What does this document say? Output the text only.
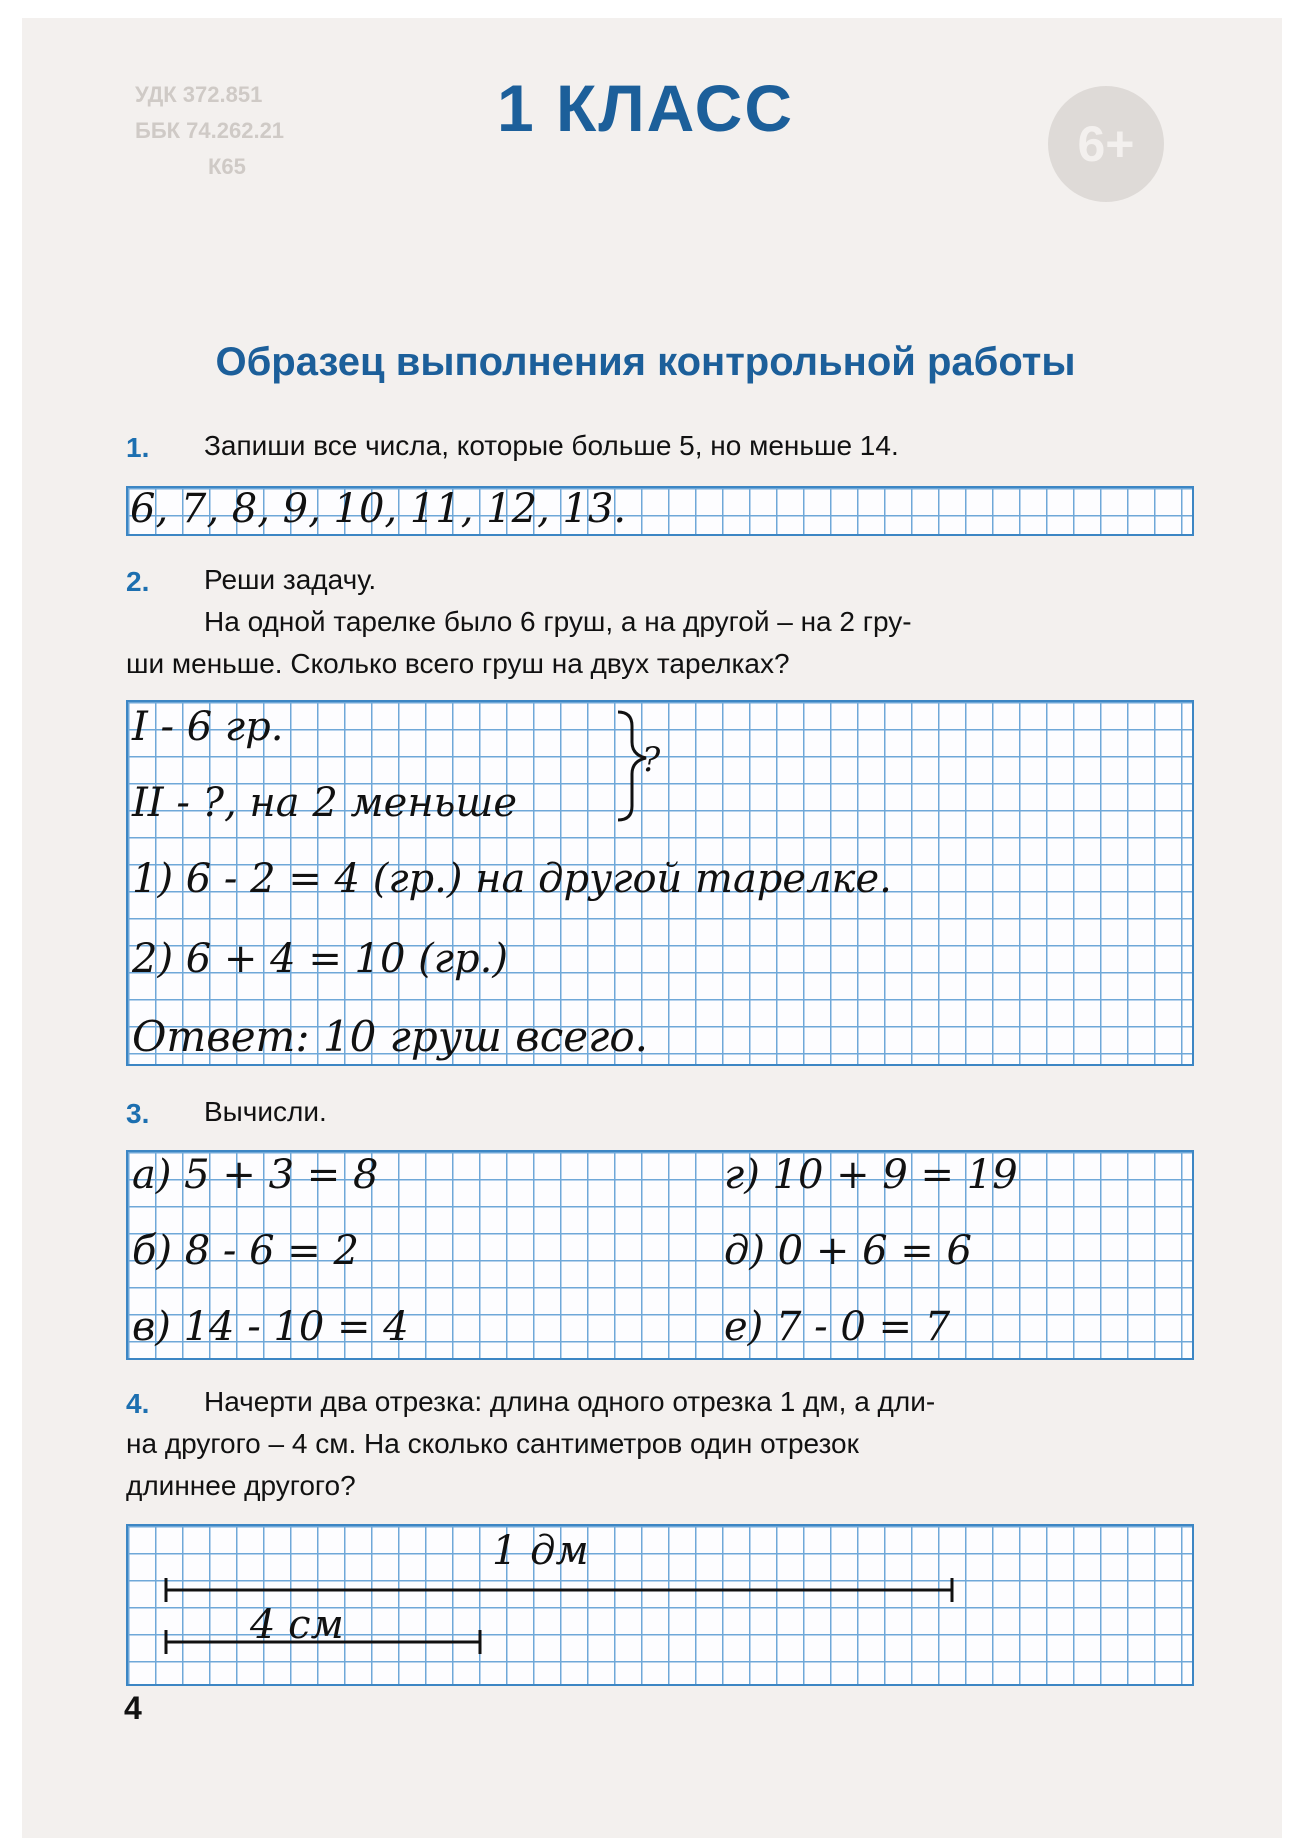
УДК 372.851
ББК 74.262.21
К65	6+
1 КЛАСС
Образец выполнения контрольной работы
1. Запиши все числа, которые больше 5, но меньше 14.
6, 7, 8, 9, 10, 11, 12, 13.
2. Реши задачу.
На одной тарелке было 6 груш, а на другой – на 2 гру-
ши меньше. Сколько всего груш на двух тарелках?
I - 6 гр.
II - ?, на 2 меньше
?
1) 6 - 2 = 4 (гр.) на другой тарелке.
2) 6 + 4 = 10 (гр.)
Ответ: 10 груш всего.
3. Вычисли.
а) 5 + 3 = 8
б) 8 - 6 = 2
в) 14 - 10 = 4
г) 10 + 9 = 19
д) 0 + 6 = 6
е) 7 - 0 = 7
4. Начерти два отрезка: длина одного отрезка 1 дм, а дли-
на другого – 4 см. На сколько сантиметров один отрезок
длиннее другого?
1 дм
4 см
4
